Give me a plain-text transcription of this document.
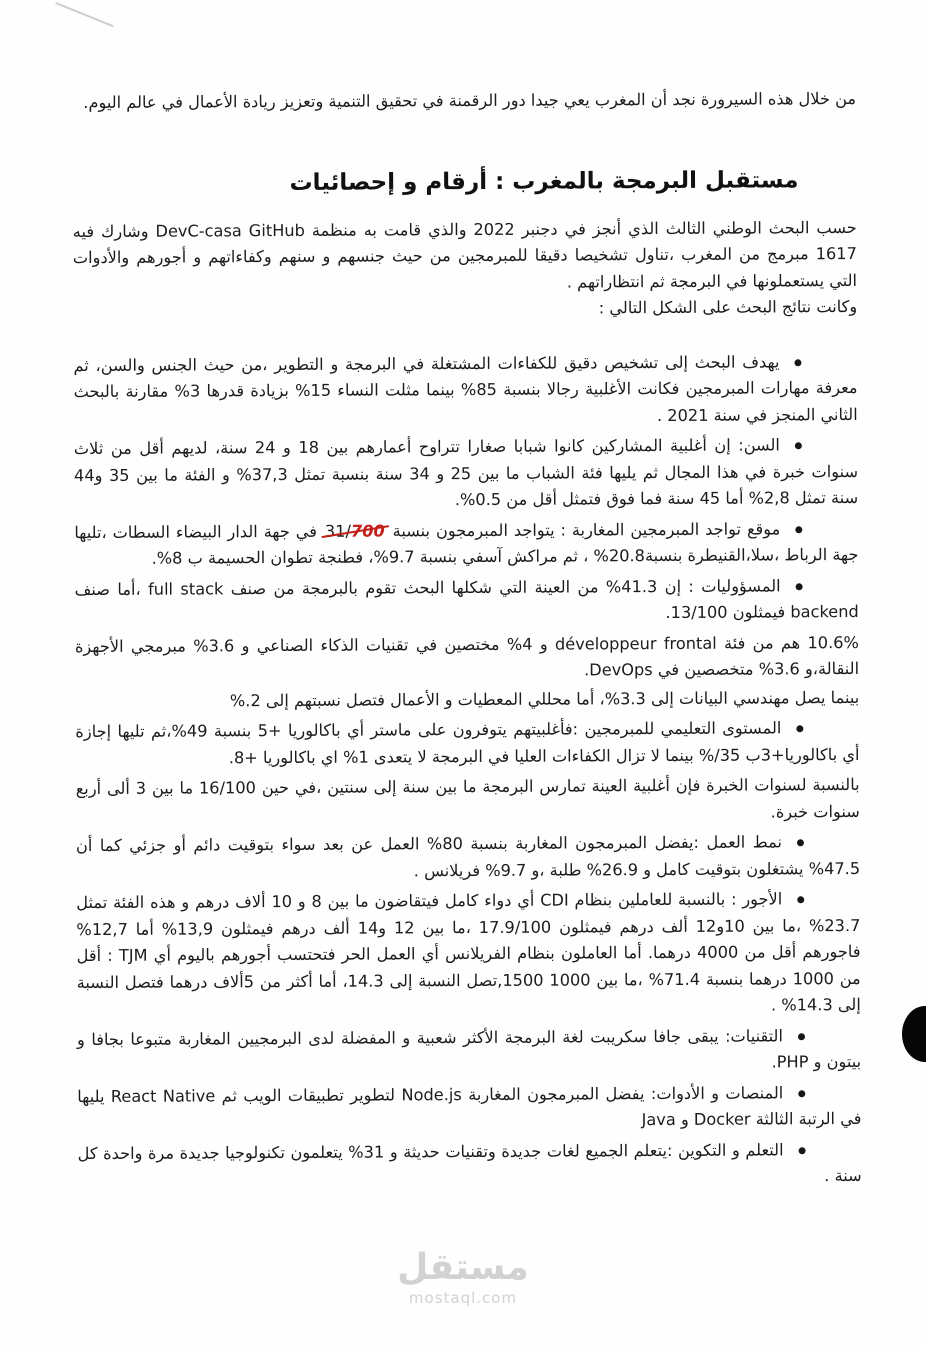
مستقل
mostaql.com

من خلال هذه السيرورة نجد أن المغرب يعي جيدا دور الرقمنة في تحقيق التنمية وتعزيز ريادة الأعمال في عالم اليوم.

مستقبل البرمجة بالمغرب : أرقام و إحصائيات

حسب البحث الوطني الثالث الذي أنجز في دجنبر 2022 والذي قامت به منظمة DevC-casa GitHub وشارك فيه 1617 مبرمج من المغرب ،تناول تشخيصا دقيقا للمبرمجين من حيث جنسهم و سنهم وكفاءاتهم و أجورهم والأدوات التي يستعملونها في البرمجة ثم انتظاراتهم .

وكانت نتائج البحث على الشكل التالي :

يهدف البحث إلى تشخيص دقيق للكفاءات المشتغلة في البرمجة و التطوير ،من حيث الجنس والسن، ثم معرفة مهارات المبرمجين فكانت الأغلبية رجالا بنسبة 85% بينما مثلت النساء 15% بزيادة قدرها 3% مقارنة بالبحث الثاني المنجز في سنة 2021 .
السن: إن أغلبية المشاركين كانوا شبابا صغارا تتراوح أعمارهم بين 18 و 24 سنة، لديهم أقل من ثلاث سنوات خبرة في هذا المجال ثم يليها فئة الشباب ما بين 25 و 34 سنة بنسبة تمثل 37,3% و الفئة ما بين 35 و44 سنة تمثل 2,8% أما 45 سنة فما فوق فتمثل أقل من 0.5%.
موقع تواجد المبرمجين المغاربة : يتواجد المبرمجون بنسبة 31/700 في جهة الدار البيضاء السطات ،تليها جهة الرباط ،سلا،القنيطرة بنسبة20.8% ، ثم مراكش آسفي بنسبة 9.7%، فطنجة تطوان الحسيمة ب 8%.
المسؤوليات : إن 41.3% من العينة التي شكلها البحث تقوم بالبرمجة من صنف full stack ،أما صنف backend فيمثلون 13/100.

10.6% هم من فئة développeur frontal و 4% مختصين في تقنيات الذكاء الصناعي و 3.6% مبرمجي الأجهزة النقالة،و 3.6% متخصصين في DevOps.

بينما يصل مهندسي البيانات إلى 3.3%، أما محللي المعطيات و الأعمال فتصل نسبتهم إلى 2.%

المستوى التعليمي للمبرمجين :فأغلبيتهم يتوفرون على ماستر أي باكالوريا +5 بنسبة 49%،ثم تليها إجازة أي باكالوريا+3ب 35/% بينما لا تزال الكفاءات العليا في البرمجة لا يتعدى 1% اي باكالوريا +8.

بالنسبة لسنوات الخبرة فإن أغلبية العينة تمارس البرمجة ما بين سنة إلى سنتين ،في حين 16/100 ما بين 3 ألى أربع سنوات خبرة.

نمط العمل :يفضل المبرمجون المغاربة بنسبة 80% العمل عن بعد سواء بتوقيت دائم أو جزئي كما أن 47.5% يشتغلون بتوقيت كامل و 26.9% طلبة ،و 9.7% فريلانس .
الأجور : بالنسبة للعاملين بنظام CDI أي دواء كامل فيتقاضون ما بين 8 و 10 ألاف درهم و هذه الفئة تمثل 23.7% ،ما بين 10و12 ألف درهم فيمثلون 17.9/100 ،ما بين 12 و14 ألف درهم فيمثلون 13,9% أما 12,7% فاجورهم أقل من 4000 درهما. أما العاملون بنظام الفريلانس أي العمل الحر فتحتسب أجورهم باليوم أي TJM : أقل من 1000 درهما بنسبة 71.4% ،ما بين 1000 1500,تصل النسبة إلى 14.3، أما أكثر من 5ألاف درهما فتصل النسبة إلى 14.3% .
التقنيات: يبقى جافا سكريبت لغة البرمجة الأكثر شعبية و المفضلة لدى البرمجيين المغاربة متبوعا بجافا و بيتون و PHP.
المنصات و الأدوات: يفضل المبرمجون المغاربة Node.js لتطوير تطبيقات الويب ثم React Native يليها في الرتبة الثالثة Docker و Java
التعلم و التكوين :يتعلم الجميع لغات جديدة وتقنيات حديثة و 31% يتعلمون تكنولوجيا جديدة مرة واحدة كل سنة .
